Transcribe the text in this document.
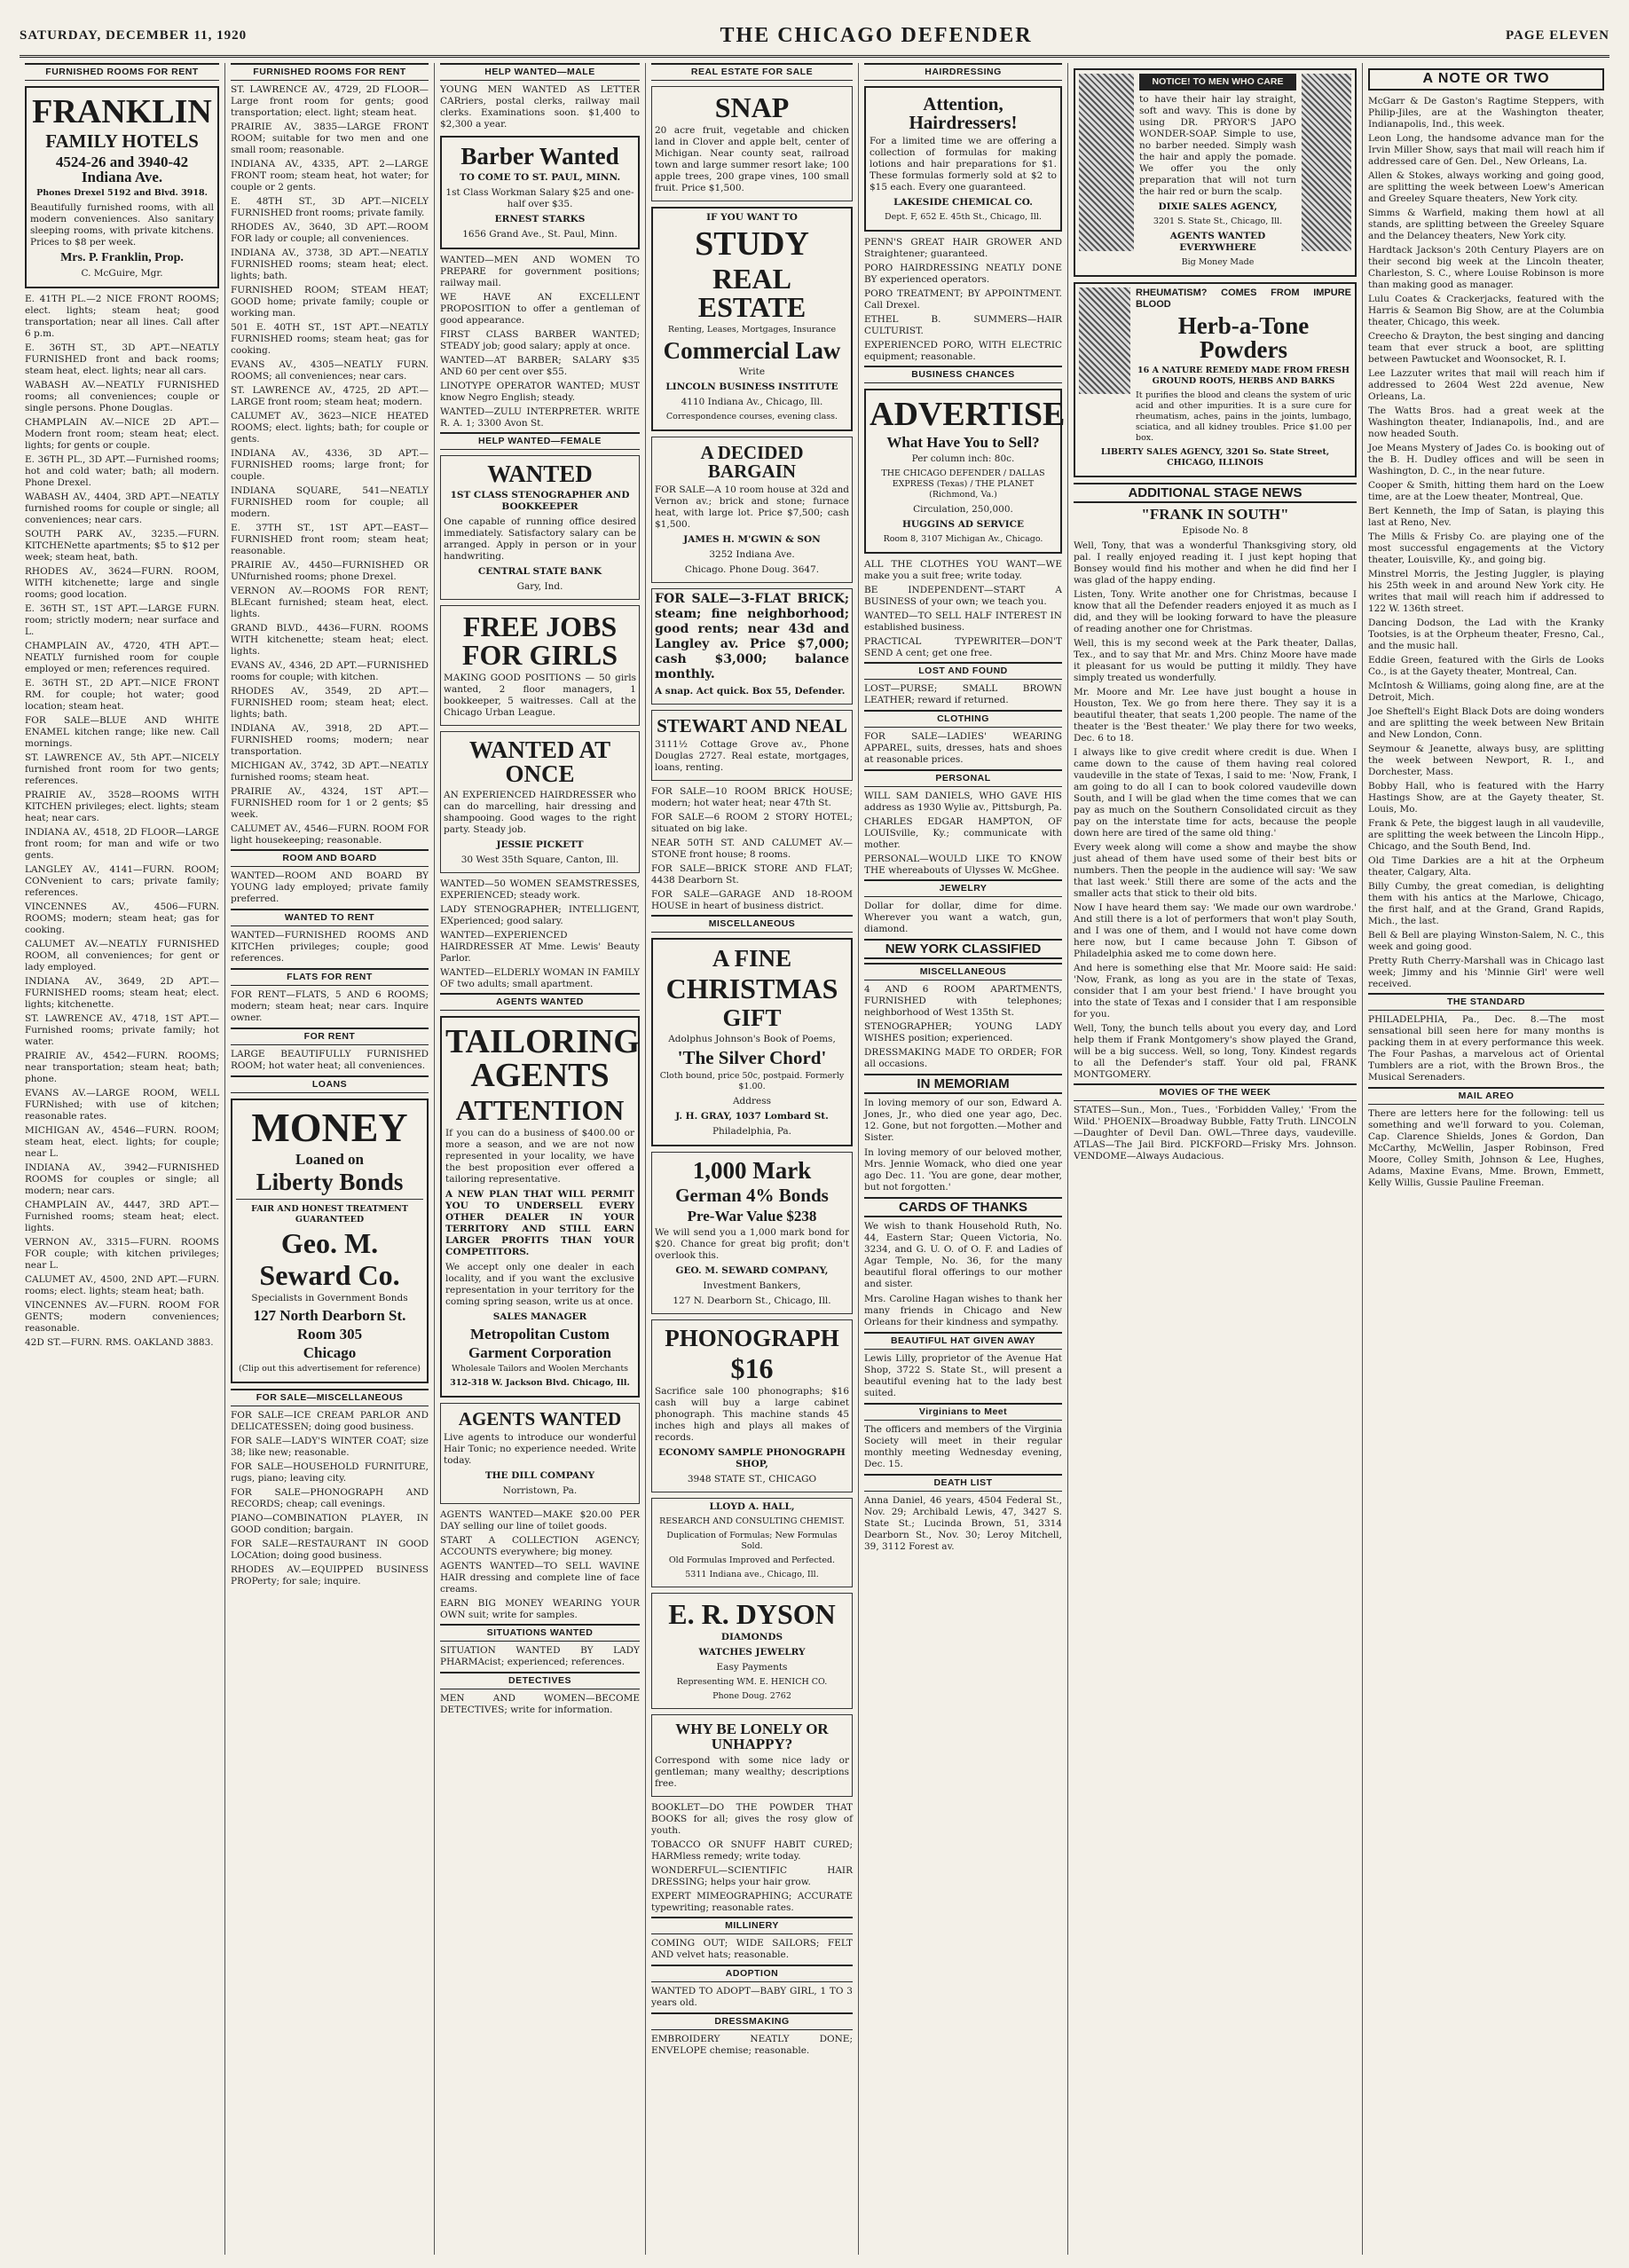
SATURDAY, DECEMBER 11, 1920	THE CHICAGO DEFENDER	PAGE ELEVEN
FURNISHED ROOMS FOR RENT
FRANKLIN
FAMILY HOTELS
4524-26 and 3940-42 Indiana Ave.

Phones Drexel 5192 and Blvd. 3918.

Beautifully furnished rooms, with all modern conveniences. Also sanitary sleeping rooms, with private kitchens. Prices to $8 per week.

Mrs. P. Franklin, Prop.

C. McGuire, Mgr.

E. 41TH PL.—2 NICE FRONT ROOMS; elect. lights; steam heat; good transportation; near all lines. Call after 6 p.m.

E. 36TH ST., 3D APT.—NEATLY FURNISHED front and back rooms; steam heat, elect. lights; near all cars.

WABASH AV.—NEATLY FURNISHED rooms; all conveniences; couple or single persons. Phone Douglas.

CHAMPLAIN AV.—NICE 2D APT.—Modern front room; steam heat; elect. lights; for gents or couple.

E. 36TH PL., 3D APT.—Furnished rooms; hot and cold water; bath; all modern. Phone Drexel.

WABASH AV., 4404, 3RD APT.—NEATLY furnished rooms for couple or single; all conveniences; near cars.

SOUTH PARK AV., 3235.—FURN. KITCHENette apartments; $5 to $12 per week; steam heat, bath.

RHODES AV., 3624—FURN. ROOM, WITH kitchenette; large and single rooms; good location.

E. 36TH ST., 1ST APT.—LARGE FURN. room; strictly modern; near surface and L.

CHAMPLAIN AV., 4720, 4TH APT.—NEATLY furnished room for couple employed or men; references required.

E. 36TH ST., 2D APT.—NICE FRONT RM. for couple; hot water; good location; steam heat.

FOR SALE—BLUE AND WHITE ENAMEL kitchen range; like new. Call mornings.

ST. LAWRENCE AV., 5th APT.—NICELY furnished front room for two gents; references.

PRAIRIE AV., 3528—ROOMS WITH KITCHEN privileges; elect. lights; steam heat; near cars.

INDIANA AV., 4518, 2D FLOOR—LARGE front room; for man and wife or two gents.

LANGLEY AV., 4141—FURN. ROOM; CONvenient to cars; private family; references.

VINCENNES AV., 4506—FURN. ROOMS; modern; steam heat; gas for cooking.

CALUMET AV.—NEATLY FURNISHED ROOM, all conveniences; for gent or lady employed.

INDIANA AV., 3649, 2D APT.—FURNISHED rooms; steam heat; elect. lights; kitchenette.

ST. LAWRENCE AV., 4718, 1ST APT.—Furnished rooms; private family; hot water.

PRAIRIE AV., 4542—FURN. ROOMS; near transportation; steam heat; bath; phone.

EVANS AV.—LARGE ROOM, WELL FURNished; with use of kitchen; reasonable rates.

MICHIGAN AV., 4546—FURN. ROOM; steam heat, elect. lights; for couple; near L.

INDIANA AV., 3942—FURNISHED ROOMS for couples or single; all modern; near cars.

CHAMPLAIN AV., 4447, 3RD APT.—Furnished rooms; steam heat; elect. lights.

VERNON AV., 3315—FURN. ROOMS FOR couple; with kitchen privileges; near L.

CALUMET AV., 4500, 2ND APT.—FURN. rooms; elect. lights; steam heat; bath.

VINCENNES AV.—FURN. ROOM FOR GENTS; modern conveniences; reasonable.

42D ST.—FURN. RMS. OAKLAND 3883.

FURNISHED ROOMS FOR RENT

ST. LAWRENCE AV., 4729, 2D FLOOR—Large front room for gents; good transportation; elect. light; steam heat.

PRAIRIE AV., 3835—LARGE FRONT ROOM; suitable for two men and one small room; reasonable.

INDIANA AV., 4335, APT. 2—LARGE FRONT room; steam heat, hot water; for couple or 2 gents.

E. 48TH ST., 3D APT.—NICELY FURNISHED front rooms; private family.

RHODES AV., 3640, 3D APT.—ROOM FOR lady or couple; all conveniences.

INDIANA AV., 3738, 3D APT.—NEATLY FURNISHED rooms; steam heat; elect. lights; bath.

FURNISHED ROOM; STEAM HEAT; GOOD home; private family; couple or working man.

501 E. 40TH ST., 1ST APT.—NEATLY FURNISHED rooms; steam heat; gas for cooking.

EVANS AV., 4305—NEATLY FURN. ROOMS; all conveniences; near cars.

ST. LAWRENCE AV., 4725, 2D APT.—LARGE front room; steam heat; modern.

CALUMET AV., 3623—NICE HEATED ROOMS; elect. lights; bath; for couple or gents.

INDIANA AV., 4336, 3D APT.—FURNISHED rooms; large front; for couple.

INDIANA SQUARE, 541—NEATLY FURNISHED room for couple; all modern.

E. 37TH ST., 1ST APT.—EAST—FURNISHED front room; steam heat; reasonable.

PRAIRIE AV., 4450—FURNISHED OR UNfurnished rooms; phone Drexel.

VERNON AV.—ROOMS FOR RENT; BLEcant furnished; steam heat, elect. lights.

GRAND BLVD., 4436—FURN. ROOMS WITH kitchenette; steam heat; elect. lights.

EVANS AV., 4346, 2D APT.—FURNISHED rooms for couple; with kitchen.

RHODES AV., 3549, 2D APT.—FURNISHED room; steam heat; elect. lights; bath.

INDIANA AV., 3918, 2D APT.—FURNISHED rooms; modern; near transportation.

MICHIGAN AV., 3742, 3D APT.—NEATLY furnished rooms; steam heat.

PRAIRIE AV., 4324, 1ST APT.—FURNISHED room for 1 or 2 gents; $5 week.

CALUMET AV., 4546—FURN. ROOM FOR light housekeeping; reasonable.

ROOM AND BOARD

WANTED—ROOM AND BOARD BY YOUNG lady employed; private family preferred.

WANTED TO RENT

WANTED—FURNISHED ROOMS AND KITCHen privileges; couple; good references.

FLATS FOR RENT

FOR RENT—FLATS, 5 AND 6 ROOMS; modern; steam heat; near cars. Inquire owner.

FOR RENT

LARGE BEAUTIFULLY FURNISHED ROOM; hot water heat; all conveniences.

LOANS
MONEY
Loaned on
Liberty Bonds

FAIR AND HONEST TREATMENT GUARANTEED

Geo. M.
Seward Co.

Specialists in Government Bonds

127 North Dearborn St.
Room 305
Chicago

(Clip out this advertisement for reference)

FOR SALE—MISCELLANEOUS

FOR SALE—ICE CREAM PARLOR AND DELICATESSEN; doing good business.

FOR SALE—LADY'S WINTER COAT; size 38; like new; reasonable.

FOR SALE—HOUSEHOLD FURNITURE, rugs, piano; leaving city.

FOR SALE—PHONOGRAPH AND RECORDS; cheap; call evenings.

PIANO—COMBINATION PLAYER, IN GOOD condition; bargain.

FOR SALE—RESTAURANT IN GOOD LOCAtion; doing good business.

RHODES AV.—EQUIPPED BUSINESS PROPerty; for sale; inquire.

HELP WANTED—MALE

YOUNG MEN WANTED AS LETTER CARriers, postal clerks, railway mail clerks. Examinations soon. $1,400 to $2,300 a year.

Barber Wanted

TO COME TO ST. PAUL, MINN.

1st Class Workman Salary $25 and one-half over $35.

ERNEST STARKS

1656 Grand Ave., St. Paul, Minn.

WANTED—MEN AND WOMEN TO PREPARE for government positions; railway mail.

WE HAVE AN EXCELLENT PROPOSITION to offer a gentleman of good appearance.

FIRST CLASS BARBER WANTED; STEADY job; good salary; apply at once.

WANTED—AT BARBER; SALARY $35 AND 60 per cent over $55.

LINOTYPE OPERATOR WANTED; MUST know Negro English; steady.

WANTED—ZULU INTERPRETER. WRITE R. A. 1; 3300 Avon St.

HELP WANTED—FEMALE
WANTED

1ST CLASS STENOGRAPHER AND BOOKKEEPER

One capable of running office desired immediately. Satisfactory salary can be arranged. Apply in person or in your handwriting.

CENTRAL STATE BANK

Gary, Ind.

FREE JOBS FOR GIRLS

MAKING GOOD POSITIONS — 50 girls wanted, 2 floor managers, 1 bookkeeper, 5 waitresses. Call at the Chicago Urban League.

WANTED AT ONCE

AN EXPERIENCED HAIRDRESSER who can do marcelling, hair dressing and shampooing. Good wages to the right party. Steady job.

JESSIE PICKETT

30 West 35th Square, Canton, Ill.

WANTED—50 WOMEN SEAMSTRESSES, EXPERIENCED; steady work.

LADY STENOGRAPHER; INTELLIGENT, EXperienced; good salary.

WANTED—EXPERIENCED HAIRDRESSER AT Mme. Lewis' Beauty Parlor.

WANTED—ELDERLY WOMAN IN FAMILY OF two adults; small apartment.

AGENTS WANTED
TAILORING AGENTS
ATTENTION

If you can do a business of $400.00 or more a season, and we are not now represented in your locality, we have the best proposition ever offered a tailoring representative.

A NEW PLAN THAT WILL PERMIT YOU TO UNDERSELL EVERY OTHER DEALER IN YOUR TERRITORY AND STILL EARN LARGER PROFITS THAN YOUR COMPETITORS.

We accept only one dealer in each locality, and if you want the exclusive representation in your territory for the coming spring season, write us at once.

SALES MANAGER

Metropolitan Custom
Garment Corporation

Wholesale Tailors and Woolen Merchants

312-318 W. Jackson Blvd. Chicago, Ill.

AGENTS WANTED

Live agents to introduce our wonderful Hair Tonic; no experience needed. Write today.

THE DILL COMPANY

Norristown, Pa.

AGENTS WANTED—MAKE $20.00 PER DAY selling our line of toilet goods.

START A COLLECTION AGENCY; ACCOUNTS everywhere; big money.

AGENTS WANTED—TO SELL WAVINE HAIR dressing and complete line of face creams.

EARN BIG MONEY WEARING YOUR OWN suit; write for samples.

SITUATIONS WANTED

SITUATION WANTED BY LADY PHARMAcist; experienced; references.

DETECTIVES

MEN AND WOMEN—BECOME DETECTIVES; write for information.

REAL ESTATE FOR SALE
SNAP

20 acre fruit, vegetable and chicken land in Clover and apple belt, center of Michigan. Near county seat, railroad town and large summer resort lake; 100 apple trees, 200 grape vines, 100 small fruit. Price $1,500.

IF YOU WANT TO

STUDY
REAL ESTATE

Renting, Leases, Mortgages, Insurance

Commercial Law

Write

LINCOLN BUSINESS INSTITUTE

4110 Indiana Av., Chicago, Ill.

Correspondence courses, evening class.

A DECIDED BARGAIN

FOR SALE—A 10 room house at 32d and Vernon av.; brick and stone; furnace heat, with large lot. Price $7,500; cash $1,500.

JAMES H. M'GWIN & SON

3252 Indiana Ave.

Chicago. Phone Doug. 3647.

FOR SALE—3-FLAT BRICK; steam; fine neighborhood; good rents; near 43d and Langley av. Price $7,000; cash $3,000; balance monthly.

A snap. Act quick. Box 55, Defender.

STEWART AND NEAL

3111½ Cottage Grove av., Phone Douglas 2727. Real estate, mortgages, loans, renting.

FOR SALE—10 ROOM BRICK HOUSE; modern; hot water heat; near 47th St.

FOR SALE—6 ROOM 2 STORY HOTEL; situated on big lake.

NEAR 50TH ST. AND CALUMET AV.—STONE front house; 8 rooms.

FOR SALE—BRICK STORE AND FLAT; 4438 Dearborn St.

FOR SALE—GARAGE AND 18-ROOM HOUSE in heart of business district.

MISCELLANEOUS
A FINE
CHRISTMAS
GIFT

Adolphus Johnson's Book of Poems,

'The Silver Chord'

Cloth bound, price 50c, postpaid. Formerly $1.00.

Address

J. H. GRAY, 1037 Lombard St.

Philadelphia, Pa.

1,000 Mark
German 4% Bonds
Pre-War Value $238

We will send you a 1,000 mark bond for $20. Chance for great big profit; don't overlook this.

GEO. M. SEWARD COMPANY,

Investment Bankers,

127 N. Dearborn St., Chicago, Ill.

PHONOGRAPH
$16

Sacrifice sale 100 phonographs; $16 cash will buy a large cabinet phonograph. This machine stands 45 inches high and plays all makes of records.

ECONOMY SAMPLE PHONOGRAPH SHOP,

3948 STATE ST., CHICAGO

LLOYD A. HALL,

RESEARCH AND CONSULTING CHEMIST.

Duplication of Formulas; New Formulas Sold.

Old Formulas Improved and Perfected.

5311 Indiana ave., Chicago, Ill.

E. R. DYSON

DIAMONDS

WATCHES JEWELRY

Easy Payments

Representing WM. E. HENICH CO.

Phone Doug. 2762

WHY BE LONELY OR UNHAPPY?

Correspond with some nice lady or gentleman; many wealthy; descriptions free.

BOOKLET—DO THE POWDER THAT BOOKS for all; gives the rosy glow of youth.

TOBACCO OR SNUFF HABIT CURED; HARMless remedy; write today.

WONDERFUL—SCIENTIFIC HAIR DRESSING; helps your hair grow.

EXPERT MIMEOGRAPHING; ACCURATE typewriting; reasonable rates.

MILLINERY

COMING OUT; WIDE SAILORS; FELT AND velvet hats; reasonable.

ADOPTION

WANTED TO ADOPT—BABY GIRL, 1 TO 3 years old.

DRESSMAKING

EMBROIDERY NEATLY DONE; ENVELOPE chemise; reasonable.

HAIRDRESSING
Attention, Hairdressers!

For a limited time we are offering a collection of formulas for making lotions and hair preparations for $1. These formulas formerly sold at $2 to $15 each. Every one guaranteed.

LAKESIDE CHEMICAL CO.

Dept. F, 652 E. 45th St., Chicago, Ill.

PENN'S GREAT HAIR GROWER AND Straightener; guaranteed.

PORO HAIRDRESSING NEATLY DONE BY experienced operators.

PORO TREATMENT; BY APPOINTMENT. Call Drexel.

ETHEL B. SUMMERS—HAIR CULTURIST.

EXPERIENCED PORO, WITH ELECTRIC equipment; reasonable.

BUSINESS CHANCES
ADVERTISE
What Have You to Sell?

Per column inch: 80c.

THE CHICAGO DEFENDER / DALLAS EXPRESS (Texas) / THE PLANET (Richmond, Va.)

Circulation, 250,000.

HUGGINS AD SERVICE

Room 8, 3107 Michigan Av., Chicago.

ALL THE CLOTHES YOU WANT—WE make you a suit free; write today.

BE INDEPENDENT—START A BUSINESS of your own; we teach you.

WANTED—TO SELL HALF INTEREST IN established business.

PRACTICAL TYPEWRITER—DON'T SEND A cent; get one free.

LOST AND FOUND

LOST—PURSE; SMALL BROWN LEATHER; reward if returned.

CLOTHING

FOR SALE—LADIES' WEARING APPAREL, suits, dresses, hats and shoes at reasonable prices.

PERSONAL

WILL SAM DANIELS, WHO GAVE HIS address as 1930 Wylie av., Pittsburgh, Pa.

CHARLES EDGAR HAMPTON, OF LOUISville, Ky.; communicate with mother.

PERSONAL—WOULD LIKE TO KNOW THE whereabouts of Ulysses W. McGhee.

JEWELRY

Dollar for dollar, dime for dime. Wherever you want a watch, gun, diamond.

NEW YORK CLASSIFIED
MISCELLANEOUS

4 AND 6 ROOM APARTMENTS, FURNISHED with telephones; neighborhood of West 135th St.

STENOGRAPHER; YOUNG LADY WISHES position; experienced.

DRESSMAKING MADE TO ORDER; FOR all occasions.

IN MEMORIAM

In loving memory of our son, Edward A. Jones, Jr., who died one year ago, Dec. 12. Gone, but not forgotten.—Mother and Sister.

In loving memory of our beloved mother, Mrs. Jennie Womack, who died one year ago Dec. 11. 'You are gone, dear mother, but not forgotten.'

CARDS OF THANKS

We wish to thank Household Ruth, No. 44, Eastern Star; Queen Victoria, No. 3234, and G. U. O. of O. F. and Ladies of Agar Temple, No. 36, for the many beautiful floral offerings to our mother and sister.

Mrs. Caroline Hagan wishes to thank her many friends in Chicago and New Orleans for their kindness and sympathy.

BEAUTIFUL HAT GIVEN AWAY

Lewis Lilly, proprietor of the Avenue Hat Shop, 3722 S. State St., will present a beautiful evening hat to the lady best suited.

Virginians to Meet

The officers and members of the Virginia Society will meet in their regular monthly meeting Wednesday evening, Dec. 15.

DEATH LIST

Anna Daniel, 46 years, 4504 Federal St., Nov. 29; Archibald Lewis, 47, 3427 S. State St.; Lucinda Brown, 51, 3314 Dearborn St., Nov. 30; Leroy Mitchell, 39, 3112 Forest av.

NOTICE! TO MEN WHO CARE

to have their hair lay straight, soft and wavy. This is done by using DR. PRYOR'S JAPO WONDER-SOAP. Simple to use, no barber needed. Simply wash the hair and apply the pomade. We offer you the only preparation that will not turn the hair red or burn the scalp.

DIXIE SALES AGENCY,

3201 S. State St., Chicago, Ill.

AGENTS WANTED EVERYWHERE

Big Money Made

RHEUMATISM? COMES FROM IMPURE BLOOD

Herb-a-Tone Powders

16 A NATURE REMEDY MADE FROM FRESH GROUND ROOTS, HERBS AND BARKS

It purifies the blood and cleans the system of uric acid and other impurities. It is a sure cure for rheumatism, aches, pains in the joints, lumbago, sciatica, and all kidney troubles. Price $1.00 per box.

LIBERTY SALES AGENCY, 3201 So. State Street, CHICAGO, ILLINOIS

ADDITIONAL STAGE NEWS
"FRANK IN SOUTH"

Episode No. 8

Well, Tony, that was a wonderful Thanksgiving story, old pal. I really enjoyed reading it. I just kept hoping that Bonsey would find his mother and when he did find her I was glad of the happy ending.

Listen, Tony. Write another one for Christmas, because I know that all the Defender readers enjoyed it as much as I did, and they will be looking forward to have the pleasure of reading another one for Christmas.

Well, this is my second week at the Park theater, Dallas, Tex., and to say that Mr. and Mrs. Chinz Moore have made it pleasant for us would be putting it mildly. They have simply treated us wonderfully.

Mr. Moore and Mr. Lee have just bought a house in Houston, Tex. We go from here there. They say it is a beautiful theater, that seats 1,200 people. The name of the theater is the 'Best theater.' We play there for two weeks, Dec. 6 to 18.

I always like to give credit where credit is due. When I came down to the cause of them having real colored vaudeville in the state of Texas, I said to me: 'Now, Frank, I am going to do all I can to book colored vaudeville down South, and I will be glad when the time comes that we can pay as much on the Southern Consolidated circuit as they pay on the interstate time for acts, because the people down here are tired of the same old thing.'

Every week along will come a show and maybe the show just ahead of them have used some of their best bits or numbers. Then the people in the audience will say: 'We saw that last week.' Still there are some of the acts and the smaller acts that stick to their old bits.

Now I have heard them say: 'We made our own wardrobe.' And still there is a lot of performers that won't play South, and I was one of them, and I would not have come down here now, but I came because John T. Gibson of Philadelphia asked me to come down here.

And here is something else that Mr. Moore said: He said: 'Now, Frank, as long as you are in the state of Texas, consider that I am your best friend.' I have brought you into the state of Texas and I consider that I am responsible for you.

Well, Tony, the bunch tells about you every day, and Lord help them if Frank Montgomery's show played the Grand, will be a big success. Well, so long, Tony. Kindest regards to all the Defender's staff. Your old pal, FRANK MONTGOMERY.

MOVIES OF THE WEEK

STATES—Sun., Mon., Tues., 'Forbidden Valley,' 'From the Wild.' PHOENIX—Broadway Bubble, Fatty Truth. LINCOLN—Daughter of Devil Dan. OWL—Three days, vaudeville. ATLAS—The Jail Bird. PICKFORD—Frisky Mrs. Johnson. VENDOME—Always Audacious.

A NOTE OR TWO

McGarr & De Gaston's Ragtime Steppers, with Philip-Jiles, are at the Washington theater, Indianapolis, Ind., this week.

Leon Long, the handsome advance man for the Irvin Miller Show, says that mail will reach him if addressed care of Gen. Del., New Orleans, La.

Allen & Stokes, always working and going good, are splitting the week between Loew's American and Greeley Square theaters, New York city.

Simms & Warfield, making them howl at all stands, are splitting between the Greeley Square and the Delancey theaters, New York city.

Hardtack Jackson's 20th Century Players are on their second big week at the Lincoln theater, Charleston, S. C., where Louise Robinson is more than making good as manager.

Lulu Coates & Crackerjacks, featured with the Harris & Seamon Big Show, are at the Columbia theater, Chicago, this week.

Creecho & Drayton, the best singing and dancing team that ever struck a boot, are splitting between Pawtucket and Woonsocket, R. I.

Lee Lazzuter writes that mail will reach him if addressed to 2604 West 22d avenue, New Orleans, La.

The Watts Bros. had a great week at the Washington theater, Indianapolis, Ind., and are now headed South.

Joe Means Mystery of Jades Co. is booking out of the B. H. Dudley offices and will be seen in Washington, D. C., in the near future.

Cooper & Smith, hitting them hard on the Loew time, are at the Loew theater, Montreal, Que.

Bert Kenneth, the Imp of Satan, is playing this last at Reno, Nev.

The Mills & Frisby Co. are playing one of the most successful engagements at the Victory theater, Louisville, Ky., and going big.

Minstrel Morris, the Jesting Juggler, is playing his 25th week in and around New York city. He writes that mail will reach him if addressed to 122 W. 136th street.

Dancing Dodson, the Lad with the Kranky Tootsies, is at the Orpheum theater, Fresno, Cal., and the music hall.

Eddie Green, featured with the Girls de Looks Co., is at the Gayety theater, Montreal, Can.

McIntosh & Williams, going along fine, are at the Detroit, Mich.

Joe Sheftell's Eight Black Dots are doing wonders and are splitting the week between New Britain and New London, Conn.

Seymour & Jeanette, always busy, are splitting the week between Newport, R. I., and Dorchester, Mass.

Bobby Hall, who is featured with the Harry Hastings Show, are at the Gayety theater, St. Louis, Mo.

Frank & Pete, the biggest laugh in all vaudeville, are splitting the week between the Lincoln Hipp., Chicago, and the South Bend, Ind.

Old Time Darkies are a hit at the Orpheum theater, Calgary, Alta.

Billy Cumby, the great comedian, is delighting them with his antics at the Marlowe, Chicago, the first half, and at the Grand, Grand Rapids, Mich., the last.

Bell & Bell are playing Winston-Salem, N. C., this week and going good.

Pretty Ruth Cherry-Marshall was in Chicago last week; Jimmy and his 'Minnie Girl' were well received.

THE STANDARD

PHILADELPHIA, Pa., Dec. 8.—The most sensational bill seen here for many months is packing them in at every performance this week. The Four Pashas, a marvelous act of Oriental Tumblers are a riot, with the Brown Bros., the Musical Serenaders.

MAIL AREO

There are letters here for the following: tell us something and we'll forward to you. Coleman, Cap. Clarence Shields, Jones & Gordon, Dan McCarthy, McWellin, Jasper Robinson, Fred Moore, Colley Smith, Johnson & Lee, Hughes, Adams, Maxine Evans, Mme. Brown, Emmett, Kelly Willis, Gussie Pauline Freeman.
